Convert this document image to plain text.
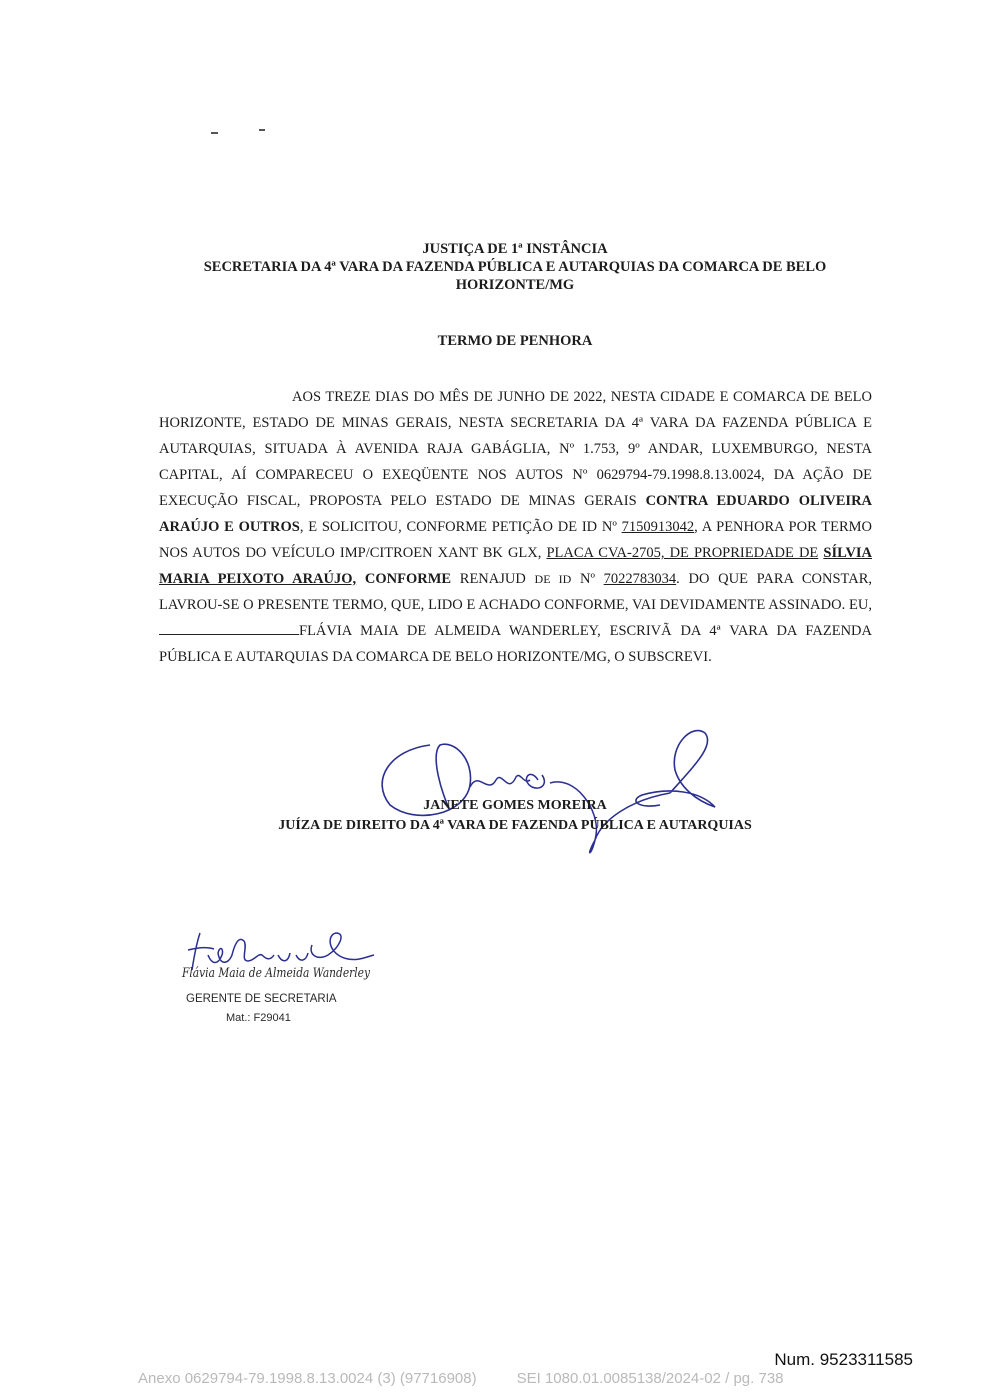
JUSTIÇA DE 1ª INSTÂNCIA
SECRETARIA DA 4ª VARA DA FAZENDA PÚBLICA E AUTARQUIAS DA COMARCA DE BELO
HORIZONTE/MG
TERMO DE PENHORA

AOS TREZE DIAS DO MÊS DE JUNHO DE 2022, NESTA CIDADE E COMARCA DE BELO HORIZONTE, ESTADO DE MINAS GERAIS, NESTA SECRETARIA DA 4ª VARA DA FAZENDA PÚBLICA E AUTARQUIAS, SITUADA À AVENIDA RAJA GABÁGLIA, Nº 1.753, 9º ANDAR, LUXEMBURGO, NESTA CAPITAL, AÍ COMPARECEU O EXEQÜENTE NOS AUTOS Nº 0629794-79.1998.8.13.0024, DA AÇÃO DE EXECUÇÃO FISCAL, PROPOSTA PELO ESTADO DE MINAS GERAIS CONTRA EDUARDO OLIVEIRA ARAÚJO E OUTROS, E SOLICITOU, CONFORME PETIÇÃO DE ID Nº 7150913042, A PENHORA POR TERMO NOS AUTOS DO VEÍCULO IMP/CITROEN XANT BK GLX, PLACA CVA-2705, DE PROPRIEDADE DE SÍLVIA MARIA PEIXOTO ARAÚJO, CONFORME RENAJUD DE ID Nº 7022783034. DO QUE PARA CONSTAR, LAVROU-SE O PRESENTE TERMO, QUE, LIDO E ACHADO CONFORME, VAI DEVIDAMENTE ASSINADO. EU,FLÁVIA MAIA DE ALMEIDA WANDERLEY, ESCRIVÃ DA 4ª VARA DA FAZENDA PÚBLICA E AUTARQUIAS DA COMARCA DE BELO HORIZONTE/MG, O SUBSCREVI.

JANETE GOMES MOREIRA
JUÍZA DE DIREITO DA 4ª VARA DE FAZENDA PÚBLICA E AUTARQUIAS
Flávia Maia de Almeida Wanderley
GERENTE DE SECRETARIA
Mat.: F29041
Num. 9523311585
Anexo 0629794-79.1998.8.13.0024 (3) (97716908)	SEI 1080.01.0085138/2024-02 / pg. 738
